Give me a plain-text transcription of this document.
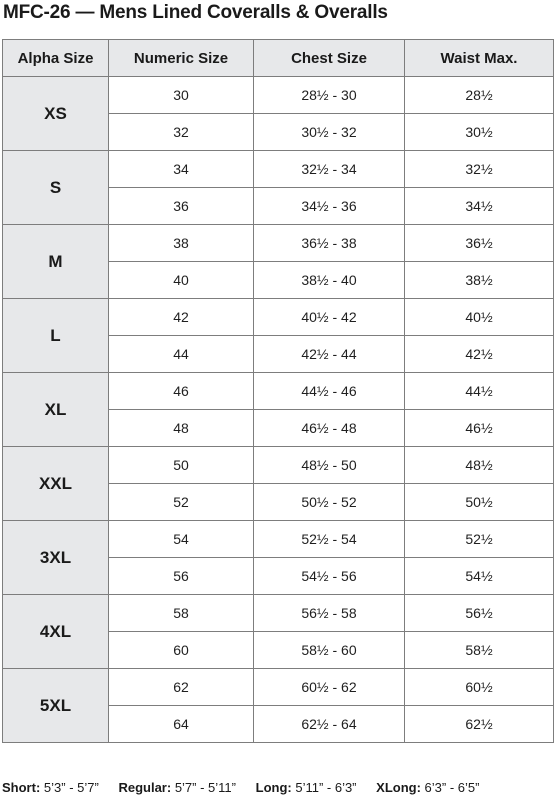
MFC-26 — Mens Lined Coveralls & Overalls
Alpha Size	Numeric Size	Chest Size	Waist Max.
XS	30	28½ - 30	28½
	32	30½ - 32	30½
S	34	32½ - 34	32½
	36	34½ - 36	34½
M	38	36½ - 38	36½
	40	38½ - 40	38½
L	42	40½ - 42	40½
	44	42½ - 44	42½
XL	46	44½ - 46	44½
	48	46½ - 48	46½
XXL	50	48½ - 50	48½
	52	50½ - 52	50½
3XL	54	52½ - 54	52½
	56	54½ - 56	54½
4XL	58	56½ - 58	56½
	60	58½ - 60	58½
5XL	62	60½ - 62	60½
	64	62½ - 64	62½
Short: 5’3” - 5’7” Regular: 5’7” - 5’11” Long: 5’11” - 6’3” XLong: 6’3” - 6’5”
